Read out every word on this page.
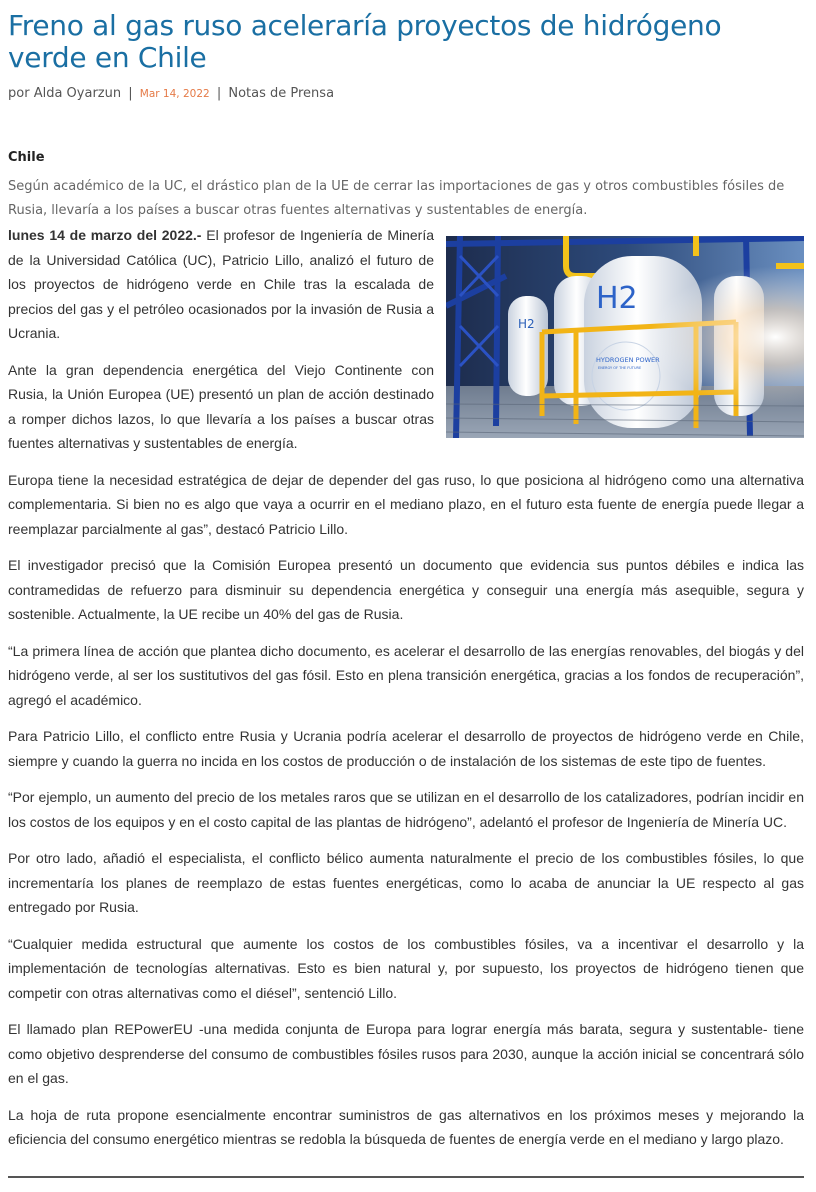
Freno al gas ruso aceleraría proyectos de hidrógeno verde en Chile
por Alda Oyarzun | Mar 14, 2022 | Notas de Prensa
Chile
Según académico de la UC, el drástico plan de la UE de cerrar las importaciones de gas y otros combustibles fósiles de Rusia, llevaría a los países a buscar otras fuentes alternativas y sustentables de energía.

lunes 14 de marzo del 2022.- El profesor de Ingeniería de Minería de la Universidad Católica (UC), Patricio Lillo, analizó el futuro de los proyectos de hidrógeno verde en Chile tras la escalada de precios del gas y el petróleo ocasionados por la invasión de Rusia a Ucrania.

Ante la gran dependencia energética del Viejo Continente con Rusia, la Unión Europea (UE) presentó un plan de acción destinado a romper dichos lazos, lo que llevaría a los países a buscar otras fuentes alternativas y sustentables de energía.

Europa tiene la necesidad estratégica de dejar de depender del gas ruso, lo que posiciona al hidrógeno como una alternativa complementaria. Si bien no es algo que vaya a ocurrir en el mediano plazo, en el futuro esta fuente de energía puede llegar a reemplazar parcialmente al gas”, destacó Patricio Lillo.

El investigador precisó que la Comisión Europea presentó un documento que evidencia sus puntos débiles e indica las contramedidas de refuerzo para disminuir su dependencia energética y conseguir una energía más asequible, segura y sostenible. Actualmente, la UE recibe un 40% del gas de Rusia.

“La primera línea de acción que plantea dicho documento, es acelerar el desarrollo de las energías renovables, del biogás y del hidrógeno verde, al ser los sustitutivos del gas fósil. Esto en plena transición energética, gracias a los fondos de recuperación”, agregó el académico.

Para Patricio Lillo, el conflicto entre Rusia y Ucrania podría acelerar el desarrollo de proyectos de hidrógeno verde en Chile, siempre y cuando la guerra no incida en los costos de producción o de instalación de los sistemas de este tipo de fuentes.

“Por ejemplo, un aumento del precio de los metales raros que se utilizan en el desarrollo de los catalizadores, podrían incidir en los costos de los equipos y en el costo capital de las plantas de hidrógeno”, adelantó el profesor de Ingeniería de Minería UC.

Por otro lado, añadió el especialista, el conflicto bélico aumenta naturalmente el precio de los combustibles fósiles, lo que incrementaría los planes de reemplazo de estas fuentes energéticas, como lo acaba de anunciar la UE respecto al gas entregado por Rusia.

“Cualquier medida estructural que aumente los costos de los combustibles fósiles, va a incentivar el desarrollo y la implementación de tecnologías alternativas. Esto es bien natural y, por supuesto, los proyectos de hidrógeno tienen que competir con otras alternativas como el diésel”, sentenció Lillo.

El llamado plan REPowerEU -una medida conjunta de Europa para lograr energía más barata, segura y sustentable- tiene como objetivo desprenderse del consumo de combustibles fósiles rusos para 2030, aunque la acción inicial se concentrará sólo en el gas.

La hoja de ruta propone esencialmente encontrar suministros de gas alternativos en los próximos meses y mejorando la eficiencia del consumo energético mientras se redobla la búsqueda de fuentes de energía verde en el mediano y largo plazo.
